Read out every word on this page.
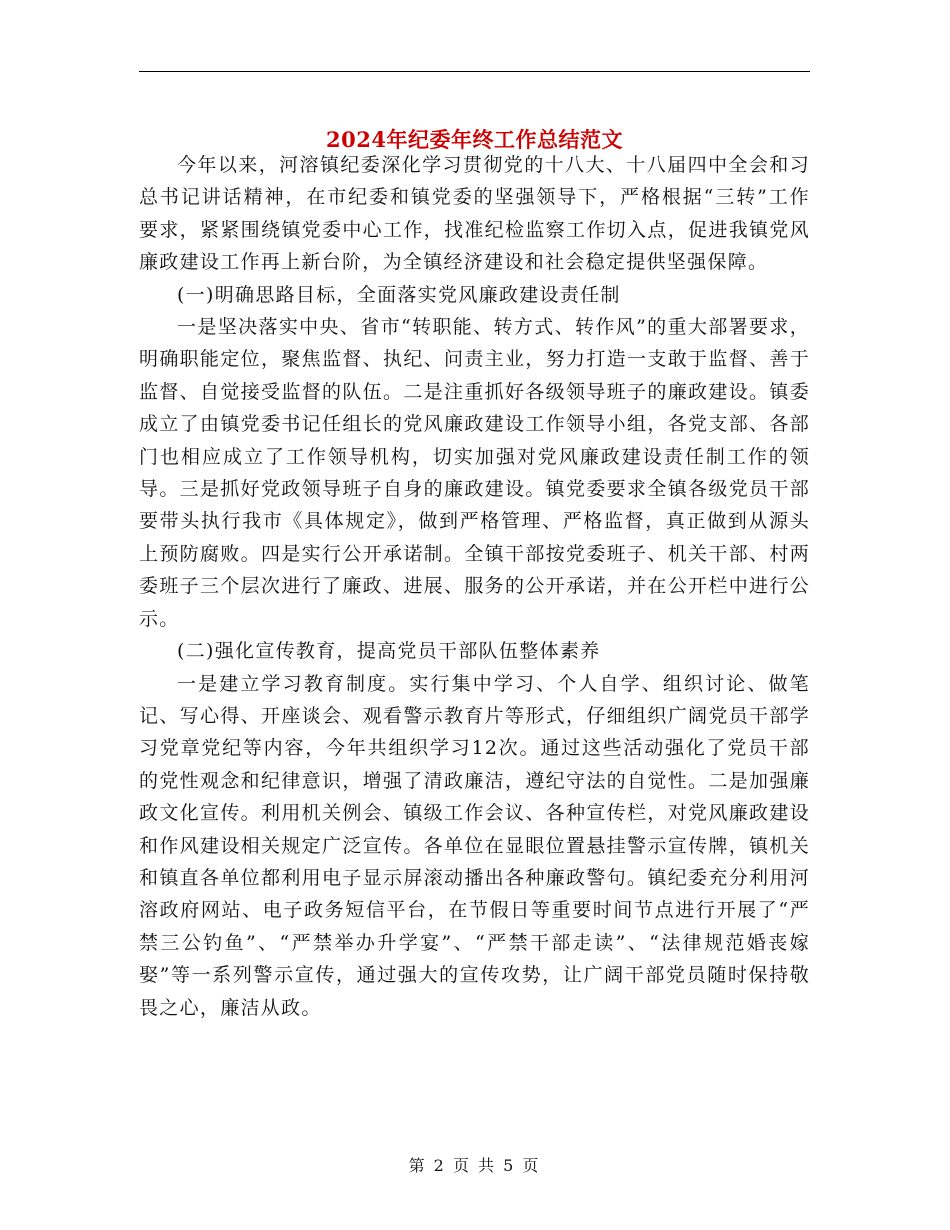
2024年纪委年终工作总结范文

今年以来，河溶镇纪委深化学习贯彻党的十八大、十八届四中全会和习总书记讲话精神，在市纪委和镇党委的坚强领导下，严格根据“三转”工作要求，紧紧围绕镇党委中心工作，找准纪检监察工作切入点，促进我镇党风廉政建设工作再上新台阶，为全镇经济建设和社会稳定提供坚强保障。

(一)明确思路目标，全面落实党风廉政建设责任制

一是坚决落实中央、省市“转职能、转方式、转作风”的重大部署要求，明确职能定位，聚焦监督、执纪、问责主业，努力打造一支敢于监督、善于监督、自觉接受监督的队伍。二是注重抓好各级领导班子的廉政建设。镇委成立了由镇党委书记任组长的党风廉政建设工作领导小组，各党支部、各部门也相应成立了工作领导机构，切实加强对党风廉政建设责任制工作的领导。三是抓好党政领导班子自身的廉政建设。镇党委要求全镇各级党员干部要带头执行我市《具体规定》，做到严格管理、严格监督，真正做到从源头上预防腐败。四是实行公开承诺制。全镇干部按党委班子、机关干部、村两委班子三个层次进行了廉政、进展、服务的公开承诺，并在公开栏中进行公示。

(二)强化宣传教育，提高党员干部队伍整体素养

一是建立学习教育制度。实行集中学习、个人自学、组织讨论、做笔记、写心得、开座谈会、观看警示教育片等形式，仔细组织广阔党员干部学习党章党纪等内容，今年共组织学习12次。通过这些活动强化了党员干部的党性观念和纪律意识，增强了清政廉洁，遵纪守法的自觉性。二是加强廉政文化宣传。利用机关例会、镇级工作会议、各种宣传栏，对党风廉政建设和作风建设相关规定广泛宣传。各单位在显眼位置悬挂警示宣传牌，镇机关和镇直各单位都利用电子显示屏滚动播出各种廉政警句。镇纪委充分利用河溶政府网站、电子政务短信平台，在节假日等重要时间节点进行开展了“严禁三公钓鱼”、“严禁举办升学宴”、“严禁干部走读”、“法律规范婚丧嫁娶”等一系列警示宣传，通过强大的宣传攻势，让广阔干部党员随时保持敬畏之心，廉洁从政。

第 2 页 共 5 页
